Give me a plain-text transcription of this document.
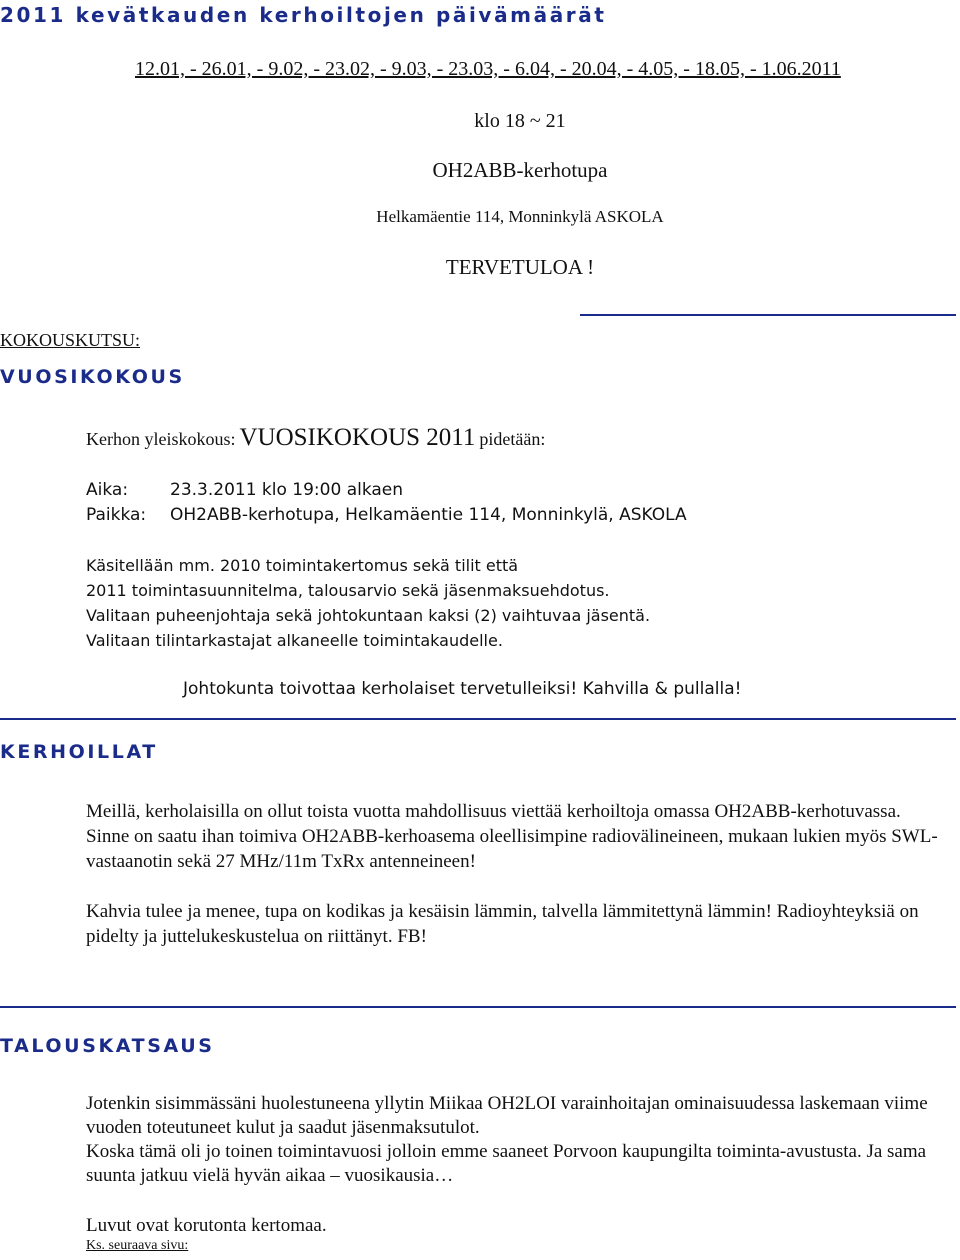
2011 kevätkauden kerhoiltojen päivämäärät
12.01, - 26.01, - 9.02, - 23.02, - 9.03, - 23.03, - 6.04, - 20.04, - 4.05, - 18.05, - 1.06.2011
klo 18 ~ 21
OH2ABB-kerhotupa
Helkamäentie 114, Monninkylä ASKOLA
TERVETULOA !
KOKOUSKUTSU:
VUOSIKOKOUS
Kerhon yleiskokous: VUOSIKOKOUS 2011 pidetään:
Aika: 23.3.2011 klo 19:00 alkaen
Paikka: OH2ABB-kerhotupa, Helkamäentie 114, Monninkylä, ASKOLA
Käsitellään mm. 2010 toimintakertomus sekä tilit että
2011 toimintasuunnitelma, talousarvio sekä jäsenmaksuehdotus.
Valitaan puheenjohtaja sekä johtokuntaan kaksi (2) vaihtuvaa jäsentä.
Valitaan tilintarkastajat alkaneelle toimintakaudelle.
Johtokunta toivottaa kerholaiset tervetulleiksi! Kahvilla & pullalla!
KERHOILLAT

Meillä, kerholaisilla on ollut toista vuotta mahdollisuus viettää kerhoiltoja omassa OH2ABB-kerhotuvassa.

Sinne on saatu ihan toimiva OH2ABB-kerhoasema oleellisimpine radiovälineineen, mukaan lukien myös SWL-vastaanotin sekä 27 MHz/11m TxRx antenneineen!

Kahvia tulee ja menee, tupa on kodikas ja kesäisin lämmin, talvella lämmitettynä lämmin! Radioyhteyksiä on pidelty ja juttelukeskustelua on riittänyt. FB!

TALOUSKATSAUS

Jotenkin sisimmässäni huolestuneena yllytin Miikaa OH2LOI varainhoitajan ominaisuudessa laskemaan viime vuoden toteutuneet kulut ja saadut jäsenmaksutulot.

Koska tämä oli jo toinen toimintavuosi jolloin emme saaneet Porvoon kaupungilta toiminta-avustusta. Ja sama suunta jatkuu vielä hyvän aikaa – vuosikausia…

Luvut ovat korutonta kertomaa.

Ks. seuraava sivu:
